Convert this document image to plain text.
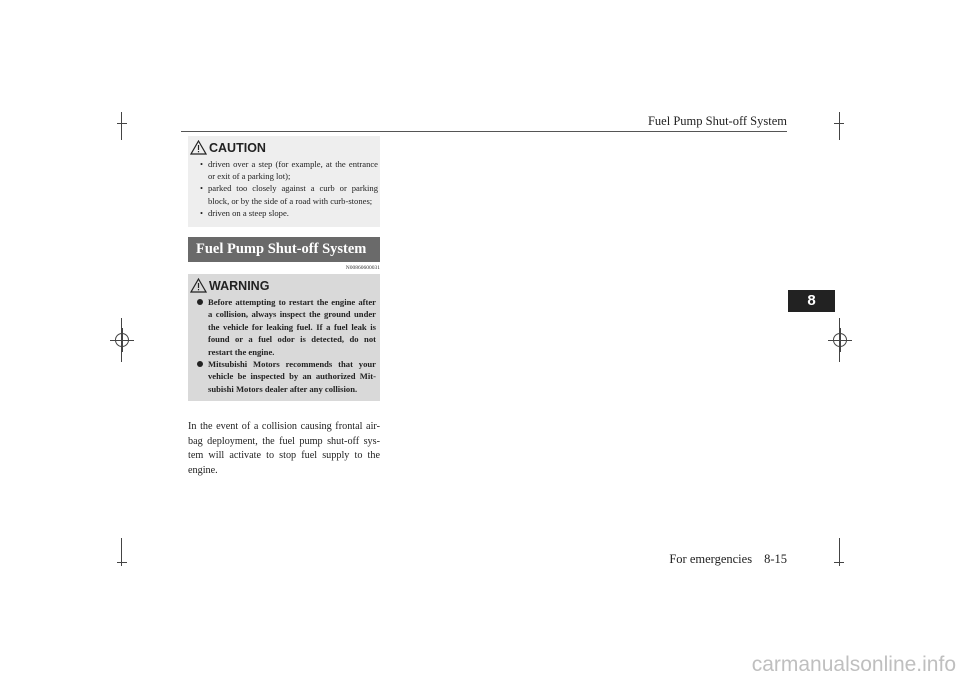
Fuel Pump Shut-off System
8
CAUTION
• driven over a step (for example, at the entrance or exit of a parking lot);
• parked too closely against a curb or parking block, or by the side of a road with curb-stones;
• driven on a steep slope.
Fuel Pump Shut-off System
N00860600031
WARNING
Before attempting to restart the engine after a collision, always inspect the ground under the vehicle for leaking fuel. If a fuel leak is found or a fuel odor is detected, do not restart the engine.
Mitsubishi Motors recommends that your vehicle be inspected by an authorized Mit-subishi Motors dealer after any collision.
In the event of a collision causing frontal air-bag deployment, the fuel pump shut-off sys-tem will activate to stop fuel supply to the engine.
For emergencies 8-15
carmanualsonline.info
